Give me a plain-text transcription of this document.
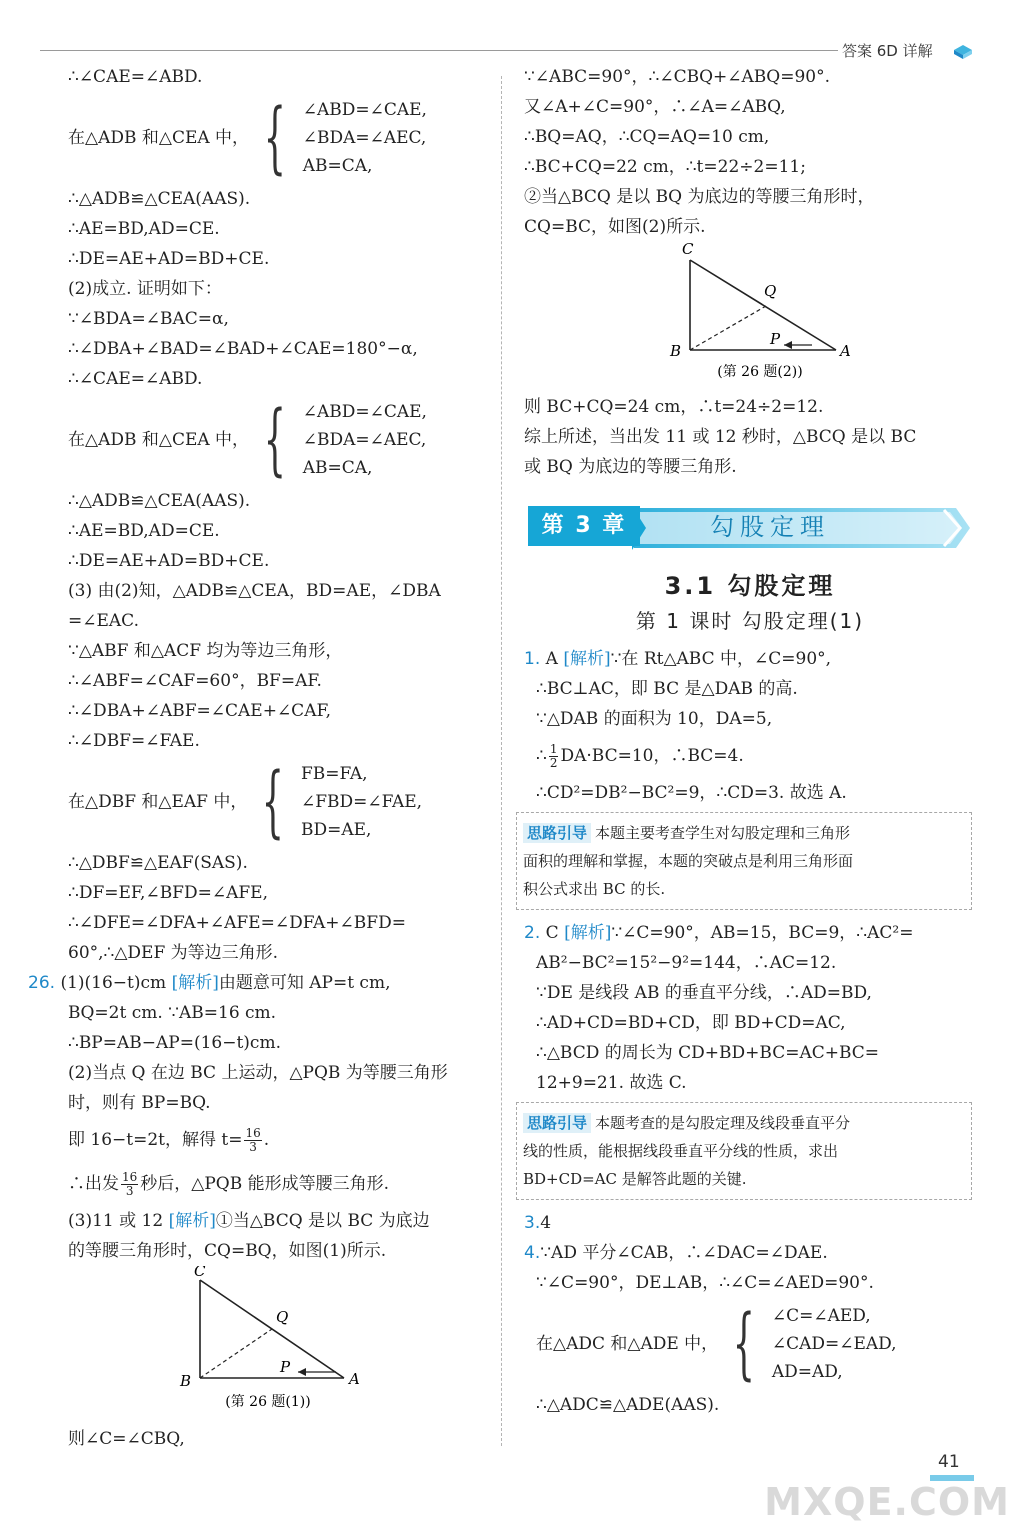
答案 6D 详解
∴∠CAE=∠ABD.
在△ADB 和△CEA 中， { ∠ABD=∠CAE,
∠BDA=∠AEC,
AB=CA,
∴△ADB≌△CEA(AAS).
∴AE=BD,AD=CE.
∴DE=AE+AD=BD+CE.
(2)成立. 证明如下：
∵∠BDA=∠BAC=α,
∴∠DBA+∠BAD=∠BAD+∠CAE=180°−α,
∴∠CAE=∠ABD.
在△ADB 和△CEA 中， { ∠ABD=∠CAE,
∠BDA=∠AEC,
AB=CA,
∴△ADB≌△CEA(AAS).
∴AE=BD,AD=CE.
∴DE=AE+AD=BD+CE.
(3) 由(2)知，△ADB≌△CEA，BD=AE，∠DBA
=∠EAC.
∵△ABF 和△ACF 均为等边三角形，
∴∠ABF=∠CAF=60°，BF=AF.
∴∠DBA+∠ABF=∠CAE+∠CAF,
∴∠DBF=∠FAE.
在△DBF 和△EAF 中， { FB=FA,
∠FBD=∠FAE,
BD=AE,
∴△DBF≌△EAF(SAS).
∴DF=EF,∠BFD=∠AFE,
∴∠DFE=∠DFA+∠AFE=∠DFA+∠BFD=
60°,∴△DEF 为等边三角形.
26. (1)(16−t)cm [解析]由题意可知 AP=t cm,
BQ=2t cm. ∵AB=16 cm.
∴BP=AB−AP=(16−t)cm.
(2)当点 Q 在边 BC 上运动，△PQB 为等腰三角形
时，则有 BP=BQ.
即 16−t=2t，解得 $t= \frac{16}{3}$ .
∴出发 $\frac{16}{3}$ 秒后，△PQB 能形成等腰三角形.
(3)11 或 12 [解析]①当△BCQ 是以 BC 为底边
的等腰三角形时，CQ=BQ，如图(1)所示.
C
Q
B
P
A
(第 26 题(1))
则∠C=∠CBQ,
∵∠ABC=90°，∴∠CBQ+∠ABQ=90°.
又∠A+∠C=90°，∴∠A=∠ABQ,
∴BQ=AQ，∴CQ=AQ=10 cm,
∴BC+CQ=22 cm，∴t=22÷2=11;
②当△BCQ 是以 BQ 为底边的等腰三角形时，
CQ=BC，如图(2)所示.
C
Q
B
P
A
(第 26 题(2))
则 BC+CQ=24 cm，∴t=24÷2=12.
综上所述，当出发 11 或 12 秒时，△BCQ 是以 BC
或 BQ 为底边的等腰三角形.
第 3 章	勾股定理
3.1 勾股定理
第 1 课时 勾股定理(1)
1. A [解析]∵在 Rt△ABC 中，∠C=90°,
∴BC⊥AC，即 BC 是△DAB 的高.
∵△DAB 的面积为 10，DA=5,
∴ $\frac{1}{2} DA\cdot BC=10$，∴BC=4.
∴CD²=DB²−BC²=9，∴CD=3. 故选 A.
思路引导 本题主要考查学生对勾股定理和三角形
面积的理解和掌握，本题的突破点是利用三角形面
积公式求出 BC 的长.
2. C [解析]∵∠C=90°，AB=15，BC=9，∴AC²=
AB²−BC²=15²−9²=144，∴AC=12.
∵DE 是线段 AB 的垂直平分线，∴AD=BD,
∴AD+CD=BD+CD，即 BD+CD=AC,
∴△BCD 的周长为 CD+BD+BC=AC+BC=
12+9=21. 故选 C.
思路引导 本题考查的是勾股定理及线段垂直平分
线的性质，能根据线段垂直平分线的性质，求出
BD+CD=AC 是解答此题的关键.
3.4
4.∵AD 平分∠CAB，∴∠DAC=∠DAE.
∵∠C=90°，DE⊥AB，∴∠C=∠AED=90°.
在△ADC 和△ADE 中， { ∠C=∠AED,
∠CAD=∠EAD,
AD=AD,
∴△ADC≌△ADE(AAS).
41
MXQE.COM
